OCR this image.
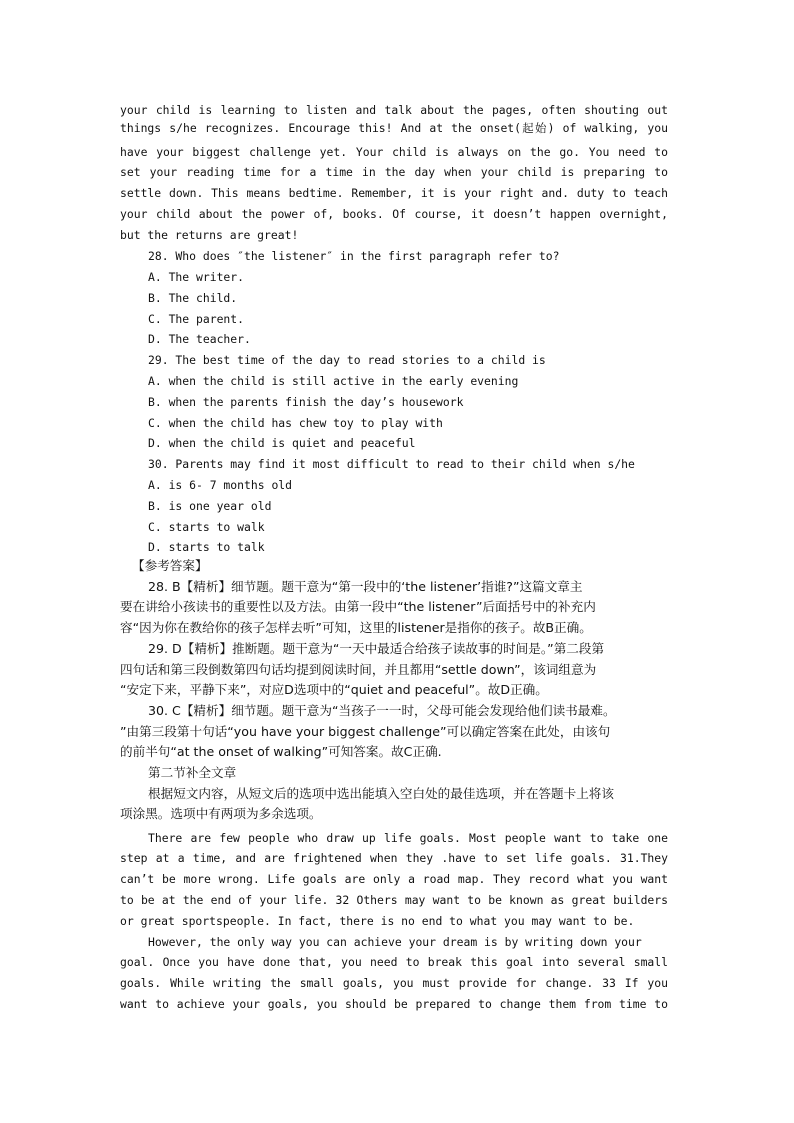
your child is learning to listen and talk about the pages, often shouting out
things s/he recognizes. Encourage this! And at the onset(起始) of walking, you
have your biggest challenge yet. Your child is always on the go. You need to
set your reading time for a time in the day when your child is preparing to
settle down. This means bedtime. Remember, it is your right and. duty to teach
your child about the power of, books. Of course, it doesn’t happen overnight,
but the returns are great!
28. Who does ″the listener″ in the first paragraph refer to?
A. The writer.
B. The child.
C. The parent.
D. The teacher.
29. The best time of the day to read stories to a child is
A. when the child is still active in the early evening
B. when the parents finish the day’s housework
C. when the child has chew toy to play with
D. when the child is quiet and peaceful
30. Parents may find it most difficult to read to their child when s/he
A. is 6- 7 months old
B. is one year old
C. starts to walk
D. starts to talk
【参考答案】
28. B【精析】细节题。题干意为“第一段中的‘the listener’指谁?”这篇文章主
要在讲给小孩读书的重要性以及方法。由第一段中“the listener”后面括号中的补充内
容“因为你在教给你的孩子怎样去听”可知，这里的listener是指你的孩子。故B正确。
29. D【精析】推断题。题干意为“一天中最适合给孩子读故事的时间是。”第二段第
四句话和第三段倒数第四句话均提到阅读时间，并且都用“settle down”，该词组意为
“安定下来，平静下来”，对应D选项中的“quiet and peaceful”。故D正确。
30. C【精析】细节题。题干意为“当孩子一一时，父母可能会发现给他们读书最难。
”由第三段第十句话“you have your biggest challenge”可以确定答案在此处，由该句
的前半句“at the onset of walking”可知答案。故C正确.
第二节补全文章
根据短文内容，从短文后的选项中选出能填入空白处的最佳选项，并在答题卡上将该
项涂黑。选项中有两项为多余选项。
There are few people who draw up life goals. Most people want to take one
step at a time, and are frightened when they .have to set life goals. 31.They
can’t be more wrong. Life goals are only a road map. They record what you want
to be at the end of your life. 32 Others may want to be known as great builders
or great sportspeople. In fact, there is no end to what you may want to be.
However, the only way you can achieve your dream is by writing down your
goal. Once you have done that, you need to break this goal into several small
goals. While writing the small goals, you must provide for change. 33 If you
want to achieve your goals, you should be prepared to change them from time to
